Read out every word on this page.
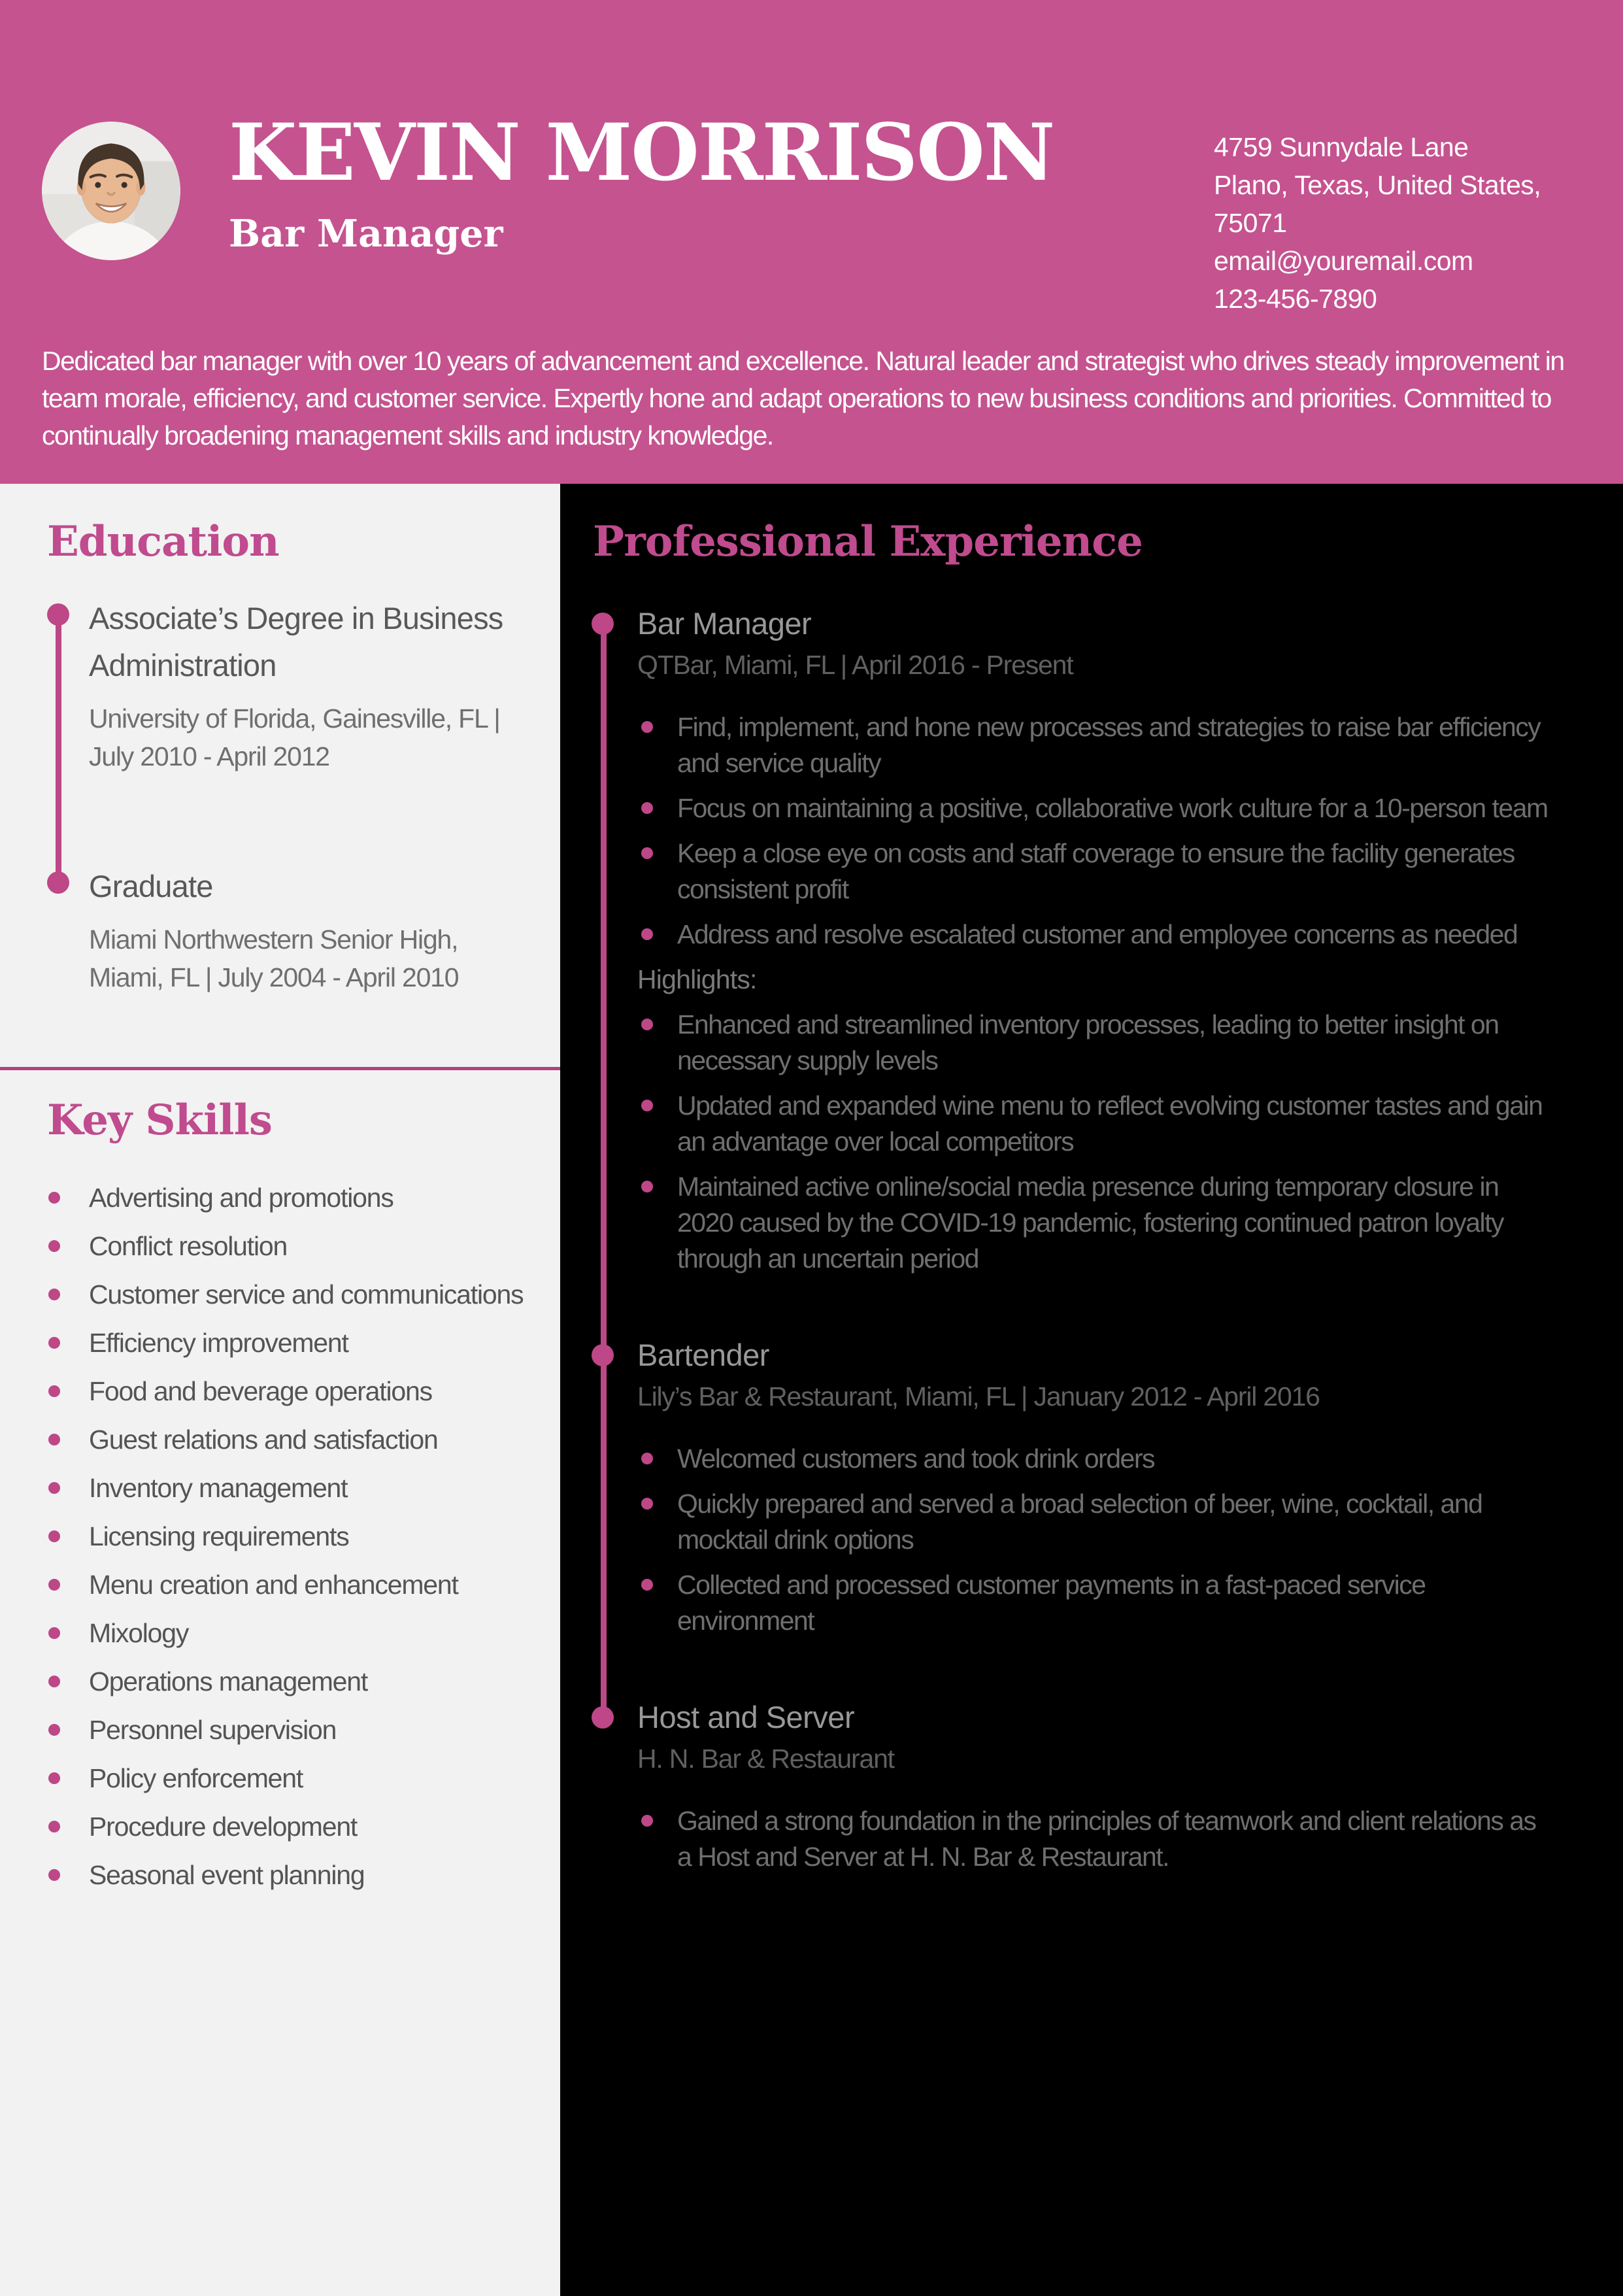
KEVIN MORRISON
Bar Manager
4759 Sunnydale Lane
Plano, Texas, United States,
75071
email@youremail.com
123-456-7890

Dedicated bar manager with over 10 years of advancement and excellence. Natural leader and strategist who drives steady improvement in team morale, efficiency, and customer service. Expertly hone and adapt operations to new business conditions and priorities. Committed to continually broadening management skills and industry knowledge.

Education

Associate’s Degree in Business Administration

University of Florida, Gainesville, FL | July 2010 - April 2012

Graduate

Miami Northwestern Senior High, Miami, FL | July 2004 - April 2010

Key Skills
Advertising and promotions
Conflict resolution
Customer service and communications
Efficiency improvement
Food and beverage operations
Guest relations and satisfaction
Inventory management
Licensing requirements
Menu creation and enhancement
Mixology
Operations management
Personnel supervision
Policy enforcement
Procedure development
Seasonal event planning
Professional Experience
Bar Manager

QTBar, Miami, FL | April 2016 - Present

Find, implement, and hone new processes and strategies to raise bar efficiency and service quality
Focus on maintaining a positive, collaborative work culture for a 10-person team
Keep a close eye on costs and staff coverage to ensure the facility generates consistent profit
Address and resolve escalated customer and employee concerns as needed

Highlights:

Enhanced and streamlined inventory processes, leading to better insight on necessary supply levels
Updated and expanded wine menu to reflect evolving customer tastes and gain an advantage over local competitors
Maintained active online/social media presence during temporary closure in 2020 caused by the COVID-19 pandemic, fostering continued patron loyalty through an uncertain period
Bartender

Lily’s Bar & Restaurant, Miami, FL | January 2012 - April 2016

Welcomed customers and took drink orders
Quickly prepared and served a broad selection of beer, wine, cocktail, and mocktail drink options
Collected and processed customer payments in a fast-paced service environment
Host and Server

H. N. Bar & Restaurant

Gained a strong foundation in the principles of teamwork and client relations as a Host and Server at H. N. Bar & Restaurant.
